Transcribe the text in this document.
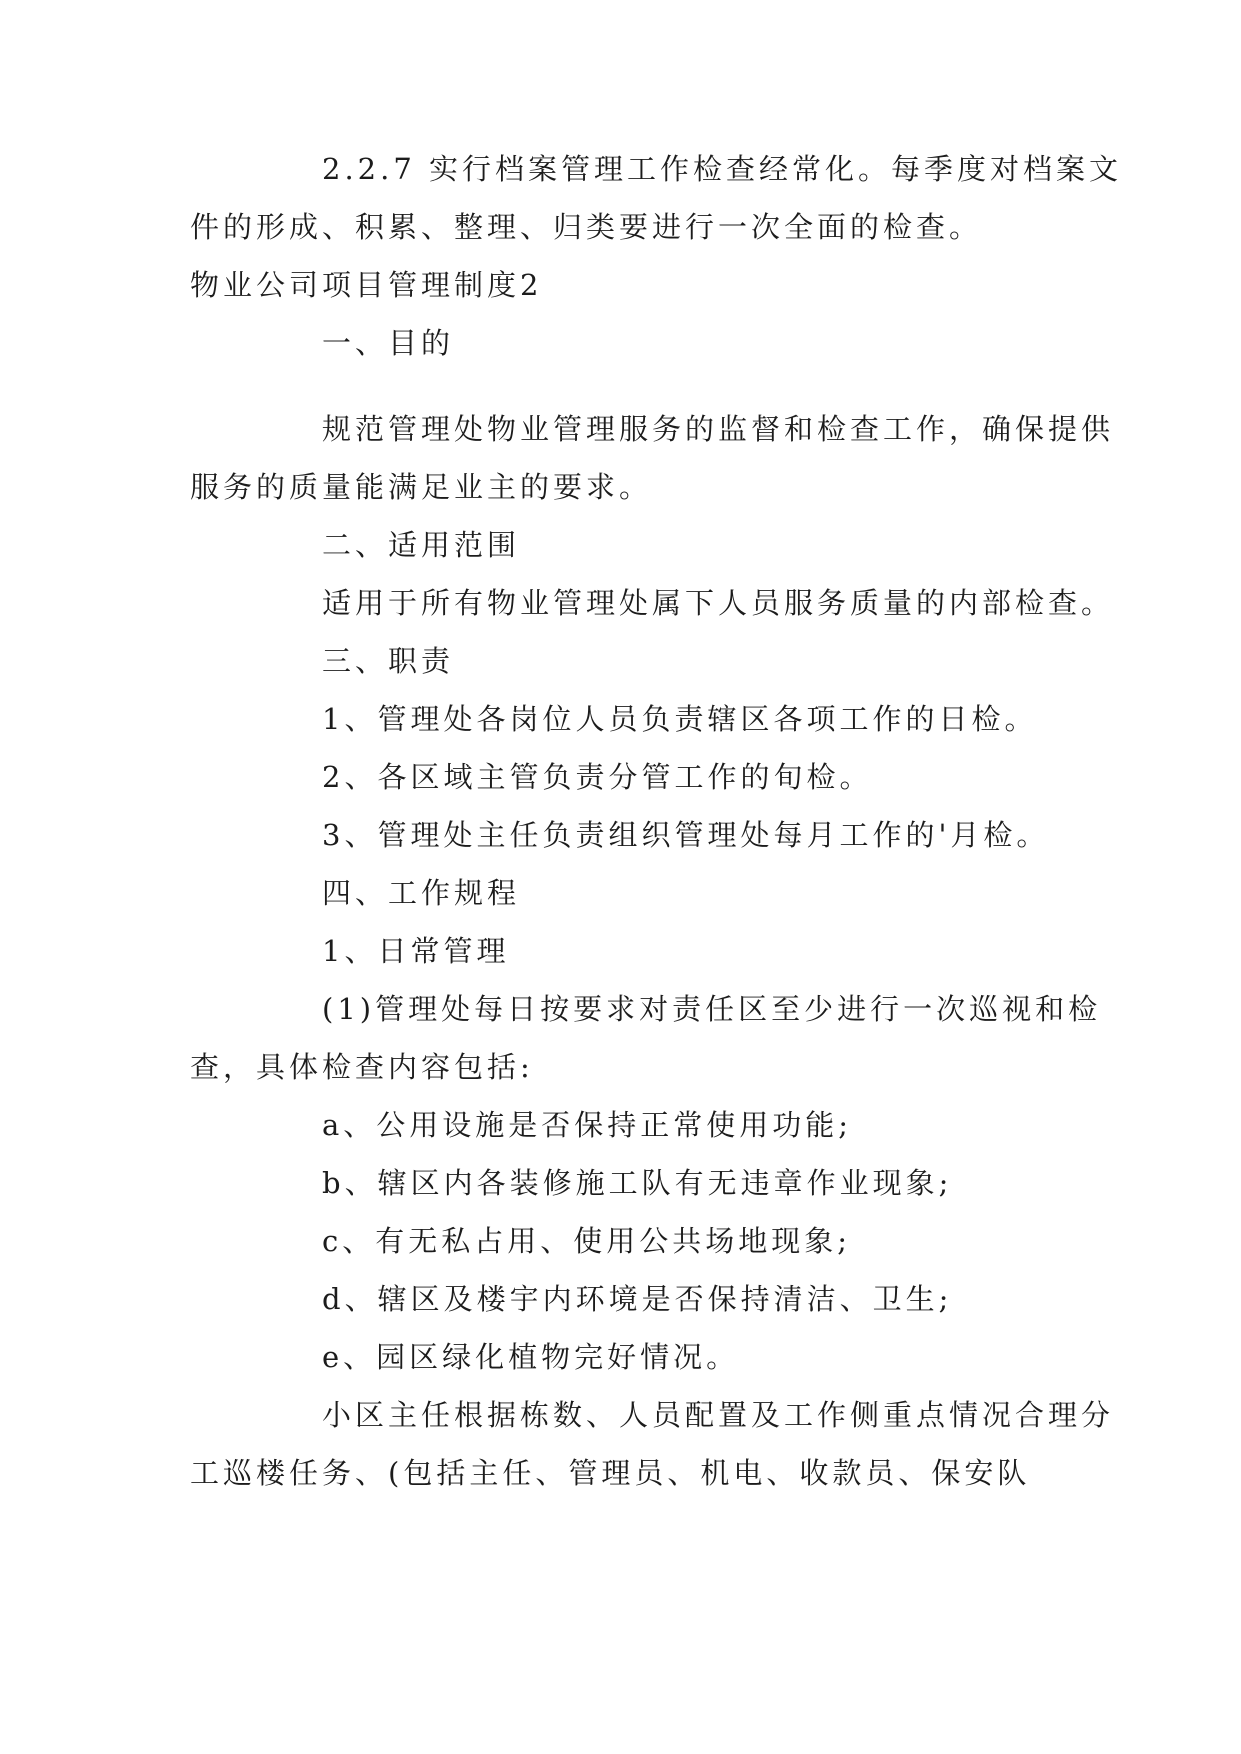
2.2.7 实行档案管理工作检查经常化。每季度对档案文

件的形成、积累、整理、归类要进行一次全面的检查。

物业公司项目管理制度2

一、目的

规范管理处物业管理服务的监督和检查工作，确保提供

服务的质量能满足业主的要求。

二、适用范围

适用于所有物业管理处属下人员服务质量的内部检查。

三、职责

1、管理处各岗位人员负责辖区各项工作的日检。

2、各区域主管负责分管工作的旬检。

3、管理处主任负责组织管理处每月工作的'月检。

四、工作规程

1、日常管理

(1)管理处每日按要求对责任区至少进行一次巡视和检

查，具体检查内容包括:

a、公用设施是否保持正常使用功能;

b、辖区内各装修施工队有无违章作业现象;

c、有无私占用、使用公共场地现象;

d、辖区及楼宇内环境是否保持清洁、卫生;

e、园区绿化植物完好情况。

小区主任根据栋数、人员配置及工作侧重点情况合理分

工巡楼任务、(包括主任、管理员、机电、收款员、保安队
